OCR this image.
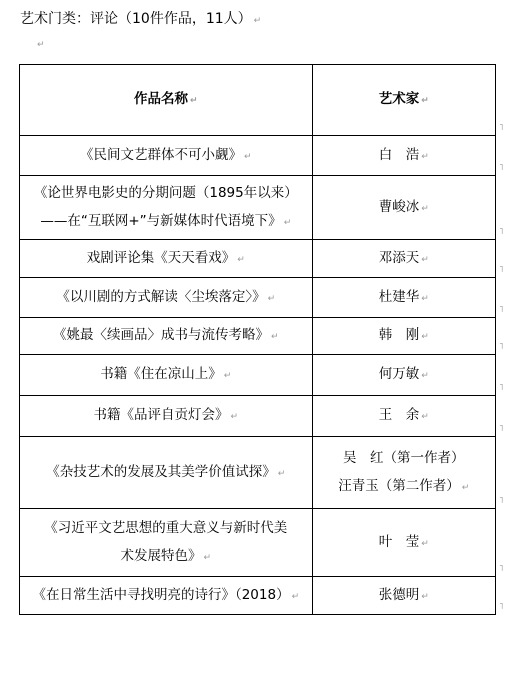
艺术门类：评论（10件作品，11人） ↵
↵
作品名称 ↵	艺术家 ↵

《民间文艺群体不可小觑》 ↵	白　浩 ↵

《论世界电影史的分期问题（1895年以来）
——在“互联网+”与新媒体时代语境下》 ↵	曹峻冰 ↵

戏剧评论集《天天看戏》 ↵	邓添天 ↵

《以川剧的方式解读〈尘埃落定〉》 ↵	杜建华 ↵

《姚最〈续画品〉成书与流传考略》 ↵	韩　刚 ↵

书籍《住在凉山上》 ↵	何万敏 ↵

书籍《品评自贡灯会》 ↵	王　余 ↵

《杂技艺术的发展及其美学价值试探》 ↵	吴　红（第一作者）
汪青玉（第二作者） ↵

《习近平文艺思想的重大意义与新时代美
术发展特色》 ↵	叶　莹 ↵

《在日常生活中寻找明亮的诗行》（2018） ↵	张德明 ↵
˥
˥
˥
˥
˥
˥
˥
˥
˥
˥
˥
